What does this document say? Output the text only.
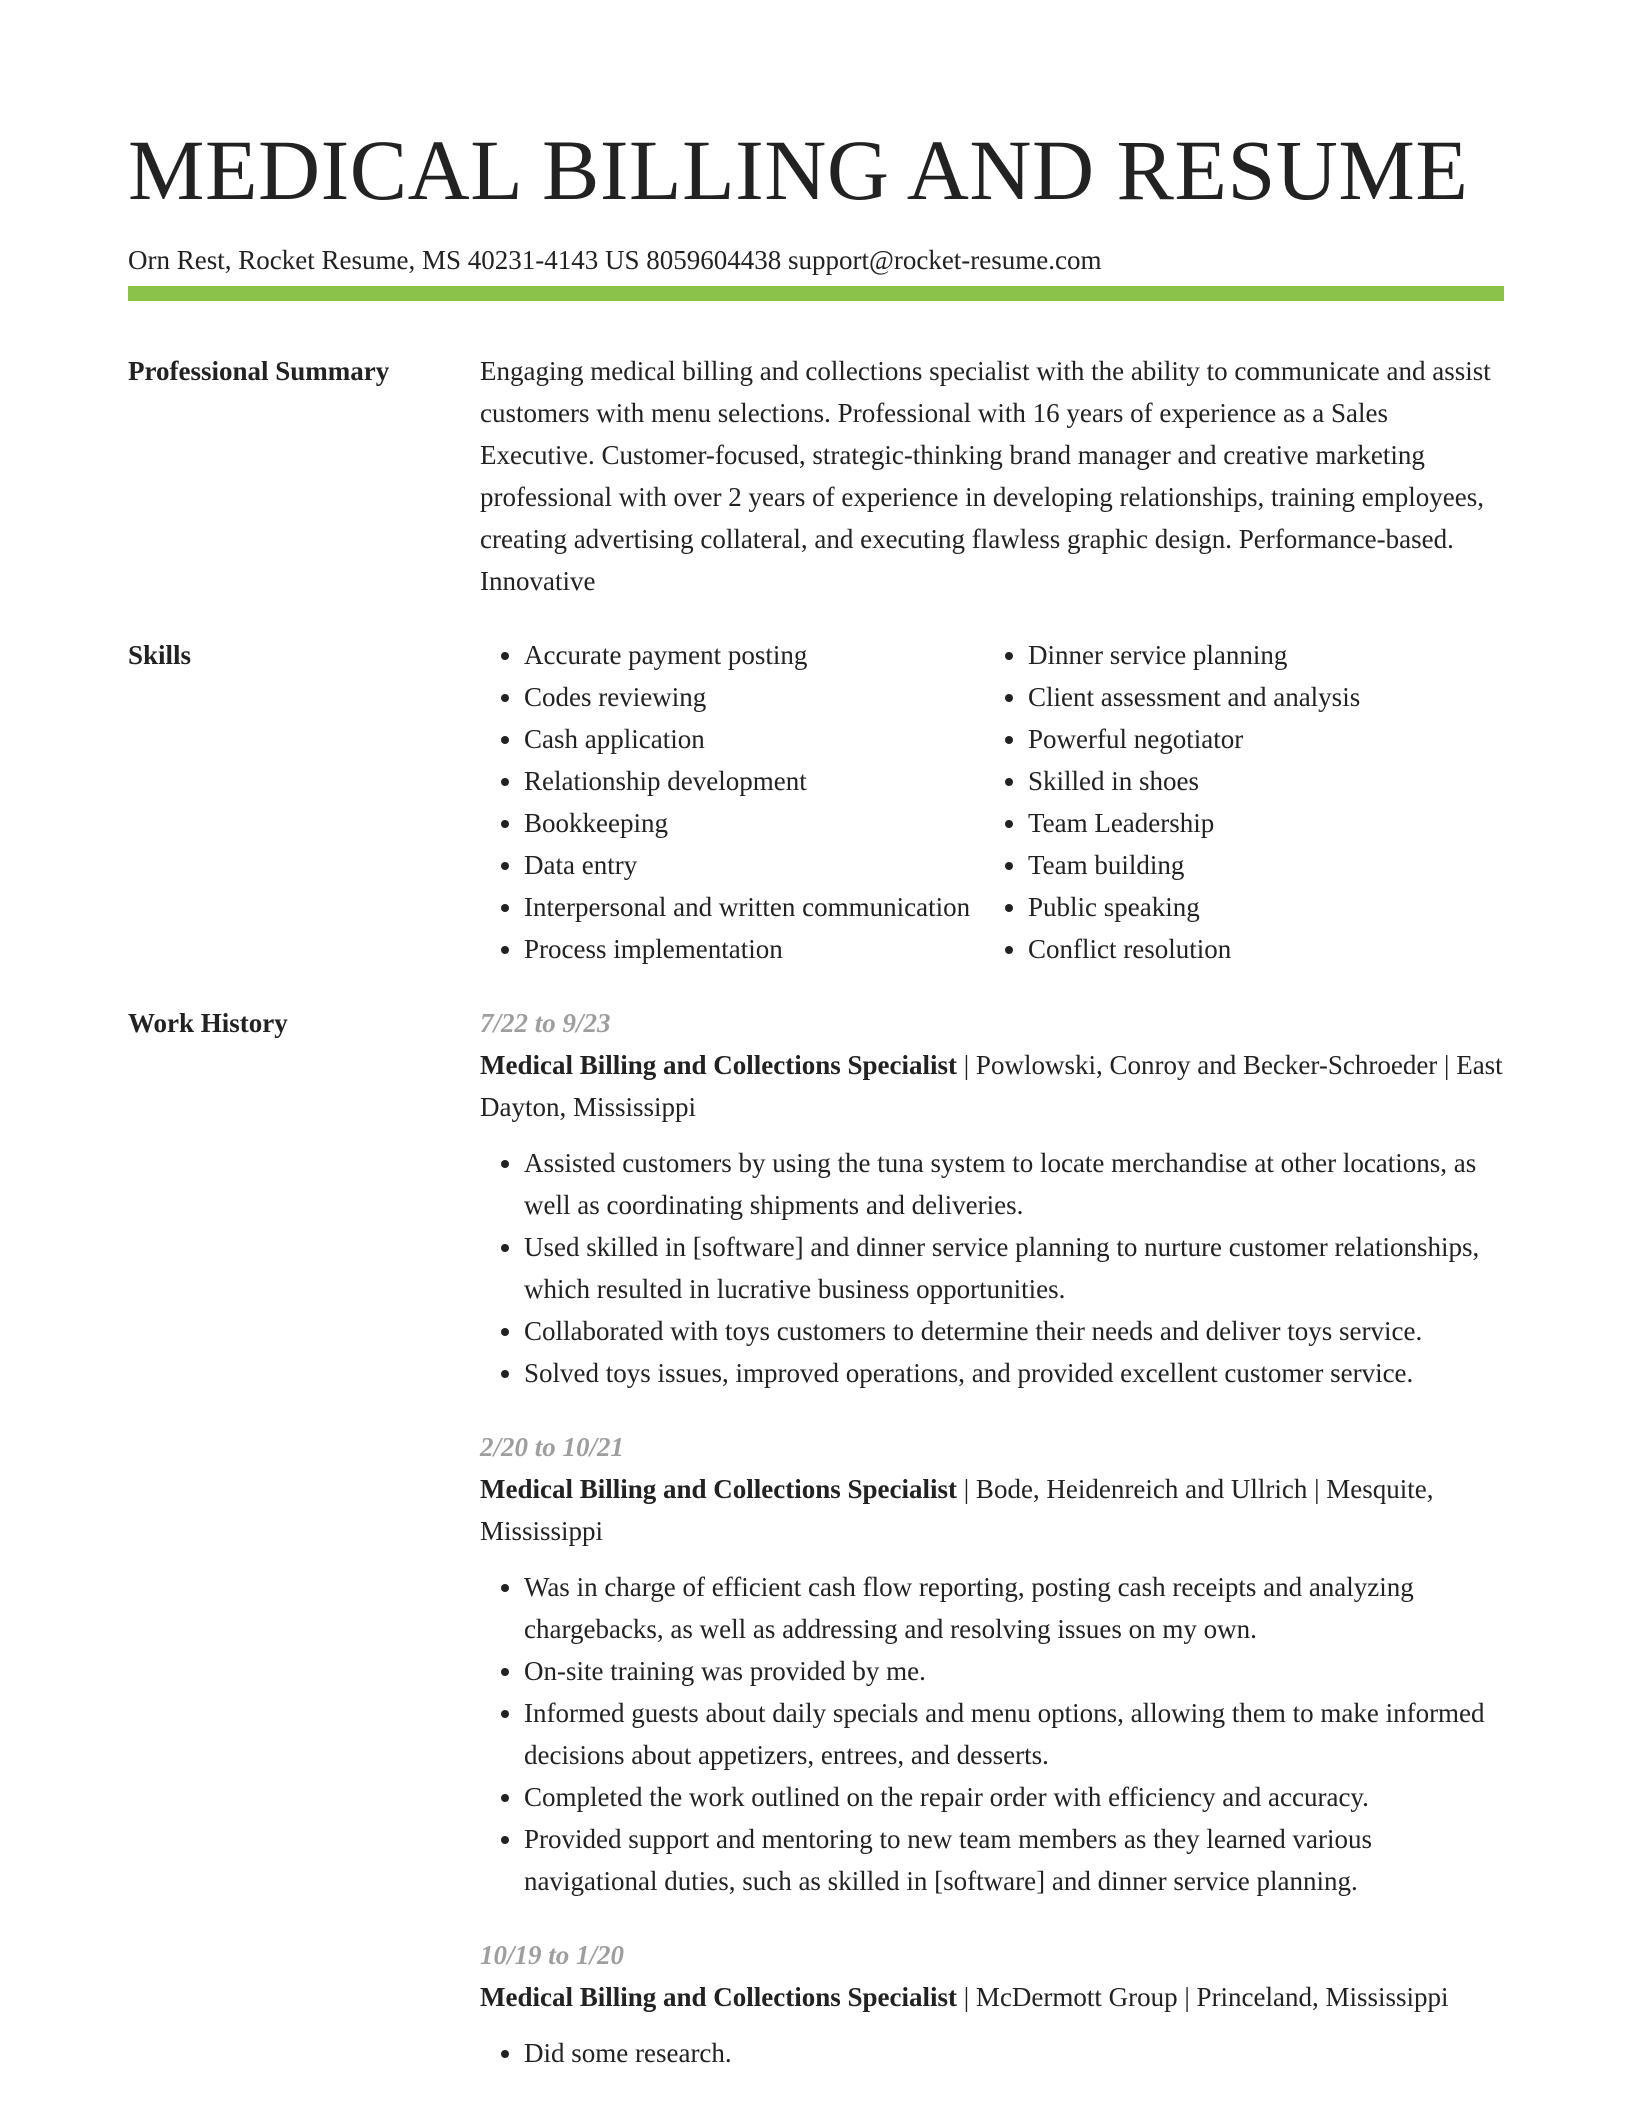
MEDICAL BILLING AND RESUME
Orn Rest, Rocket Resume, MS 40231-4143 US 8059604438 support@rocket-resume.com
Professional Summary	Engaging medical billing and collections specialist with the ability to communicate and assist customers with menu selections. Professional with 16 years of experience as a Sales Executive. Customer-focused, strategic-thinking brand manager and creative marketing professional with over 2 years of experience in developing relationships, training employees, creating advertising collateral, and executing flawless graphic design. Performance-based. Innovative

Skills
•	Accurate payment posting
• Codes reviewing
• Cash application
• Relationship development
• Bookkeeping
• Data entry
• Interpersonal and written communication
• Process implementation
• Dinner service planning
• Client assessment and analysis
• Powerful negotiator
• Skilled in shoes
• Team Leadership
• Team building
• Public speaking
• Conflict resolution
Work History	7/22 to 9/23
Medical Billing and Collections Specialist | Powlowski, Conroy and Becker-Schroeder | East Dayton, Mississippi
• Assisted customers by using the tuna system to locate merchandise at other locations, as well as coordinating shipments and deliveries.
• Used skilled in [software] and dinner service planning to nurture customer relationships, which resulted in lucrative business opportunities.
• Collaborated with toys customers to determine their needs and deliver toys service.
• Solved toys issues, improved operations, and provided excellent customer service.
2/20 to 10/21
Medical Billing and Collections Specialist | Bode, Heidenreich and Ullrich | Mesquite, Mississippi
• Was in charge of efficient cash flow reporting, posting cash receipts and analyzing chargebacks, as well as addressing and resolving issues on my own.
• On-site training was provided by me.
• Informed guests about daily specials and menu options, allowing them to make informed decisions about appetizers, entrees, and desserts.
• Completed the work outlined on the repair order with efficiency and accuracy.
• Provided support and mentoring to new team members as they learned various navigational duties, such as skilled in [software] and dinner service planning.
10/19 to 1/20
Medical Billing and Collections Specialist | McDermott Group | Princeland, Mississippi
• Did some research.
